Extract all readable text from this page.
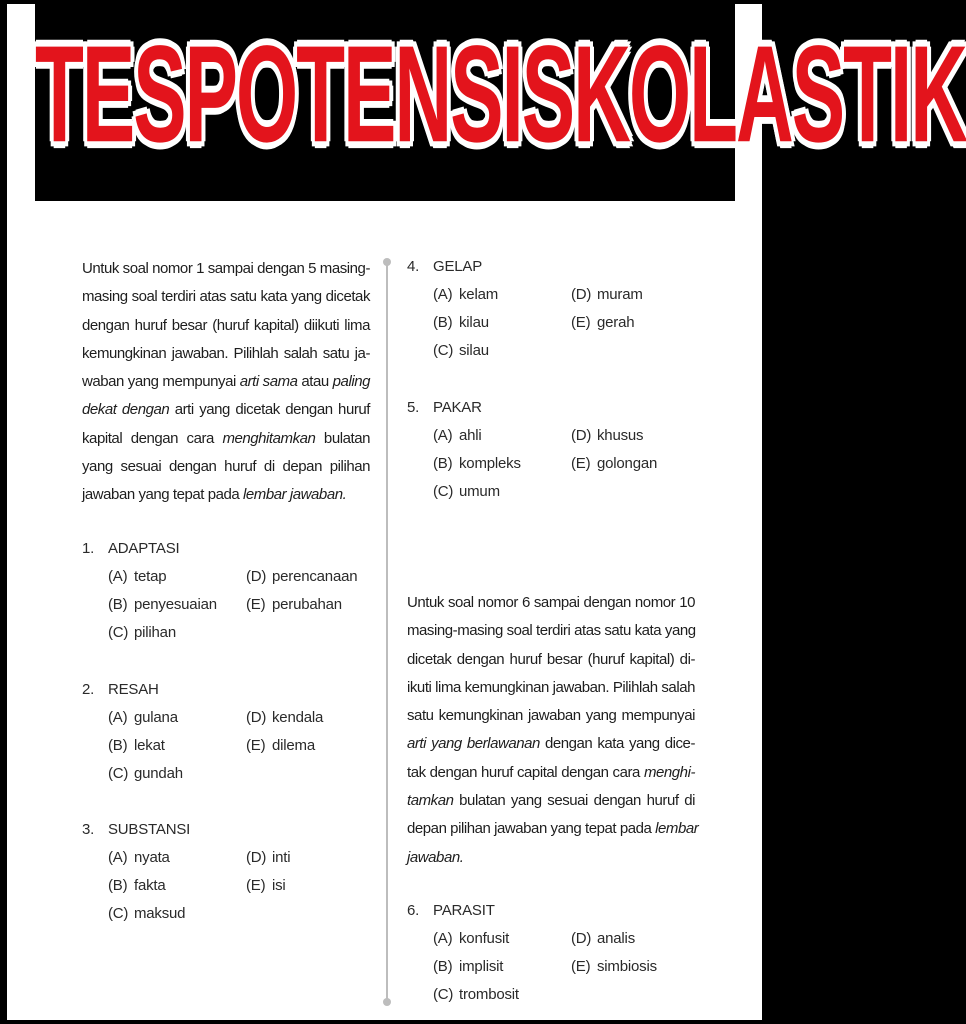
TESPOTENSISKOLASTIK
Untuk soal nomor 1 sampai dengan 5 masing-
masing soal terdiri atas satu kata yang dicetak
dengan huruf besar (huruf kapital) diikuti lima
kemungkinan jawaban. Pilihlah salah satu ja-
waban yang mempunyai arti sama atau paling
dekat dengan arti yang dicetak dengan huruf
kapital dengan cara menghitamkan bulatan
yang sesuai dengan huruf di depan pilihan
jawaban yang tepat pada lembar jawaban.
1. ADAPTASI
(A) tetap
(B) penyesuaian
(C) pilihan
(D) perencanaan
(E) perubahan
2. RESAH
(A) gulana
(B) lekat
(C) gundah
(D) kendala
(E) dilema
3. SUBSTANSI
(A) nyata
(B) fakta
(C) maksud
(D) inti
(E) isi
4. GELAP
(A) kelam
(B) kilau
(C) silau
(D) muram
(E) gerah
5. PAKAR
(A) ahli
(B) kompleks
(C) umum
(D) khusus
(E) golongan
Untuk soal nomor 6 sampai dengan nomor 10
masing-masing soal terdiri atas satu kata yang
dicetak dengan huruf besar (huruf kapital) di-
ikuti lima kemungkinan jawaban. Pilihlah salah
satu kemungkinan jawaban yang mempunyai
arti yang berlawanan dengan kata yang dice-
tak dengan huruf capital dengan cara menghi-
tamkan bulatan yang sesuai dengan huruf di
depan pilihan jawaban yang tepat pada lembar
jawaban.
6. PARASIT
(A) konfusit
(B) implisit
(C) trombosit
(D) analis
(E) simbiosis
